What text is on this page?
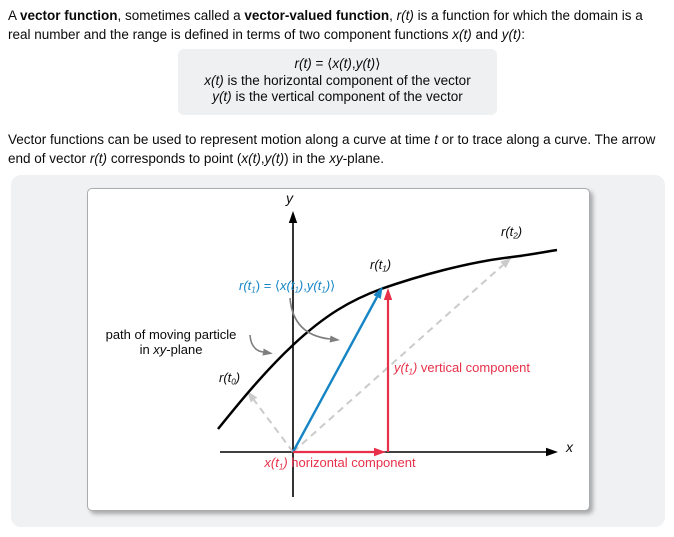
A vector function, sometimes called a vector-valued function, r(t) is a function for which the domain is a real number and the range is defined in terms of two component functions x(t) and y(t):
r(t) = ⟨x(t),y(t)⟩
x(t) is the horizontal component of the vector
y(t) is the vertical component of the vector
Vector functions can be used to represent motion along a curve at time t or to trace along a curve. The arrow end of vector r(t) corresponds to point (x(t),y(t)) in the xy-plane.
y
x
$r(t_2)$
$r(t_1)$
$r(t_0)$
$r(t_1)$ = $⟨x(t_1),y(t_1)⟩$
path of moving particle
in xy-plane
$y(t_1)$ vertical component
$x(t_1)$ horizontal component
